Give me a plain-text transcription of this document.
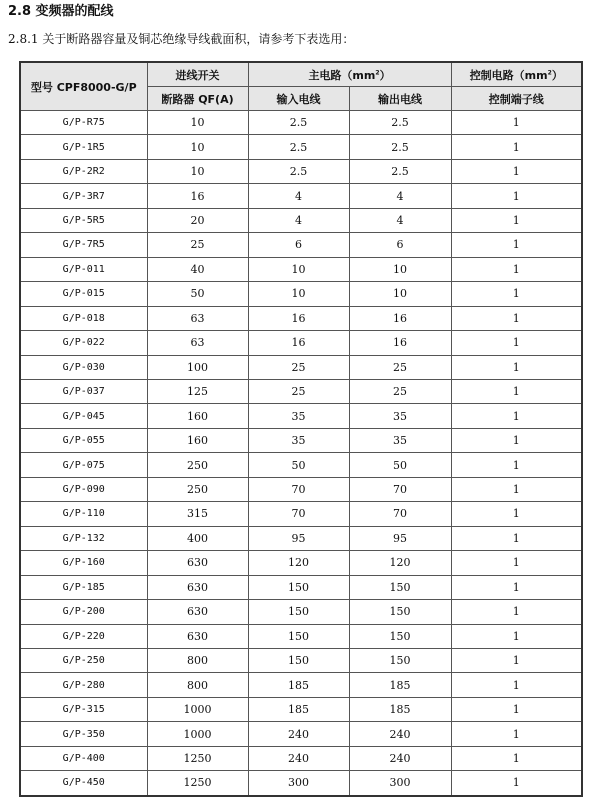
2.8 变频器的配线
2.8.1 关于断路器容量及铜芯绝缘导线截面积，请参考下表选用：
型号 CPF8000-G/P	进线开关	主电路$(mm^2)$		控制电路$(mm^2)$
	断路器 QF(A)	输入电线	输出电线	控制端子线
G/P-R75	10	2.5	2.5	1
G/P-1R5	10	2.5	2.5	1
G/P-2R2	10	2.5	2.5	1
G/P-3R7	16	4	4	1
G/P-5R5	20	4	4	1
G/P-7R5	25	6	6	1
G/P-011	40	10	10	1
G/P-015	50	10	10	1
G/P-018	63	16	16	1
G/P-022	63	16	16	1
G/P-030	100	25	25	1
G/P-037	125	25	25	1
G/P-045	160	35	35	1
G/P-055	160	35	35	1
G/P-075	250	50	50	1
G/P-090	250	70	70	1
G/P-110	315	70	70	1
G/P-132	400	95	95	1
G/P-160	630	120	120	1
G/P-185	630	150	150	1
G/P-200	630	150	150	1
G/P-220	630	150	150	1
G/P-250	800	150	150	1
G/P-280	800	185	185	1
G/P-315	1000	185	185	1
G/P-350	1000	240	240	1
G/P-400	1250	240	240	1
G/P-450	1250	300	300	1
